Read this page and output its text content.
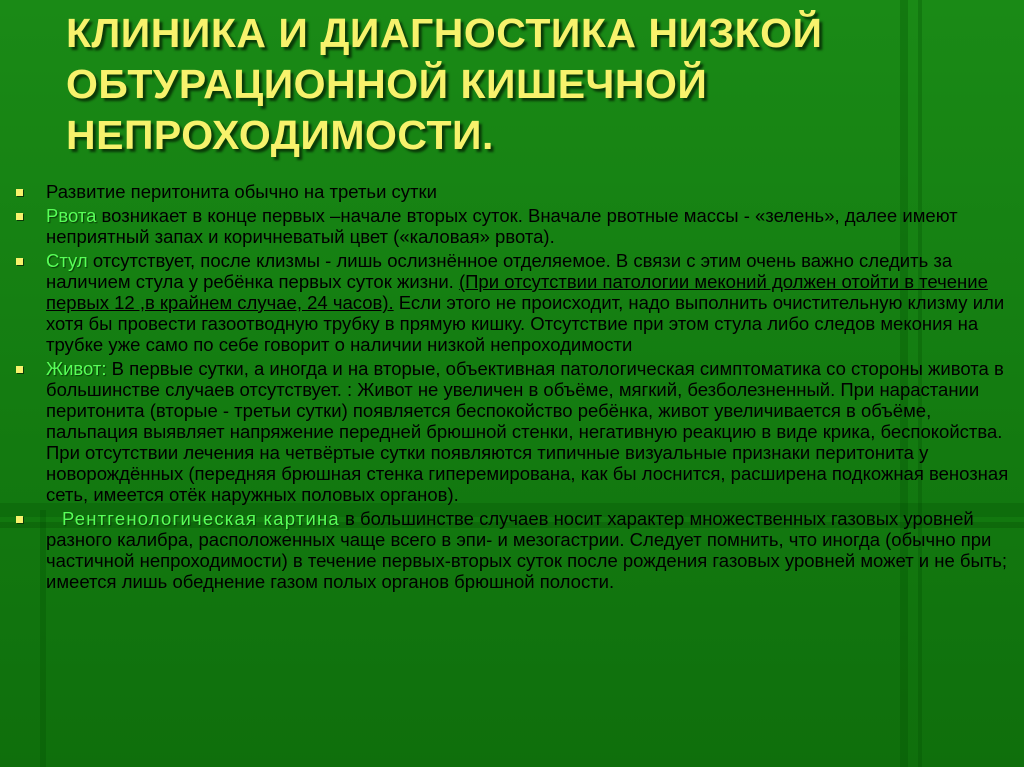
КЛИНИКА И ДИАГНОСТИКА НИЗКОЙ
ОБТУРАЦИОННОЙ КИШЕЧНОЙ
НЕПРОХОДИМОСТИ.
Развитие перитонита обычно на третьи сутки
Рвота возникает в конце первых –начале вторых суток. Вначале рвотные массы - «зелень», далее имеют неприятный запах и коричневатый цвет («каловая» рвота).
Стул отсутствует, после клизмы - лишь ослизнённое отделяемое. В связи с этим очень важно следить за наличием стула у ребёнка первых суток жизни. (При отсутствии патологии меконий должен отойти в течение первых 12 ,в крайнем случае, 24 часов). Если этого не происходит, надо выполнить очистительную клизму или хотя бы провести газоотводную трубку в прямую кишку. Отсутствие при этом стула либо следов мекония на трубке уже само по себе говорит о наличии низкой непроходимости
Живот: В первые сутки, а иногда и на вторые, объективная патологическая симптоматика со стороны живота в большинстве случаев отсутствует. : Живот не увеличен в объёме, мягкий, безболезненный. При нарастании перитонита (вторые - третьи сутки) появляется беспокойство ребёнка, живот увеличивается в объёме, пальпация выявляет напряжение передней брюшной стенки, негативную реакцию в виде крика, беспокойства. При отсутствии лечения на четвёртые сутки появляются типичные визуальные признаки перитонита у новорождённых (передняя брюшная стенка гиперемирована, как бы лоснится, расширена подкожная венозная сеть, имеется отёк наружных половых органов).
Рентгенологическая картина в большинстве случаев носит характер множественных газовых уровней разного калибра, расположенных чаще всего в эпи- и мезогастрии. Следует помнить, что иногда (обычно при частичной непроходимости) в течение первых-вторых суток после рождения газовых уровней может и не быть; имеется лишь обеднение газом полых органов брюшной полости.
